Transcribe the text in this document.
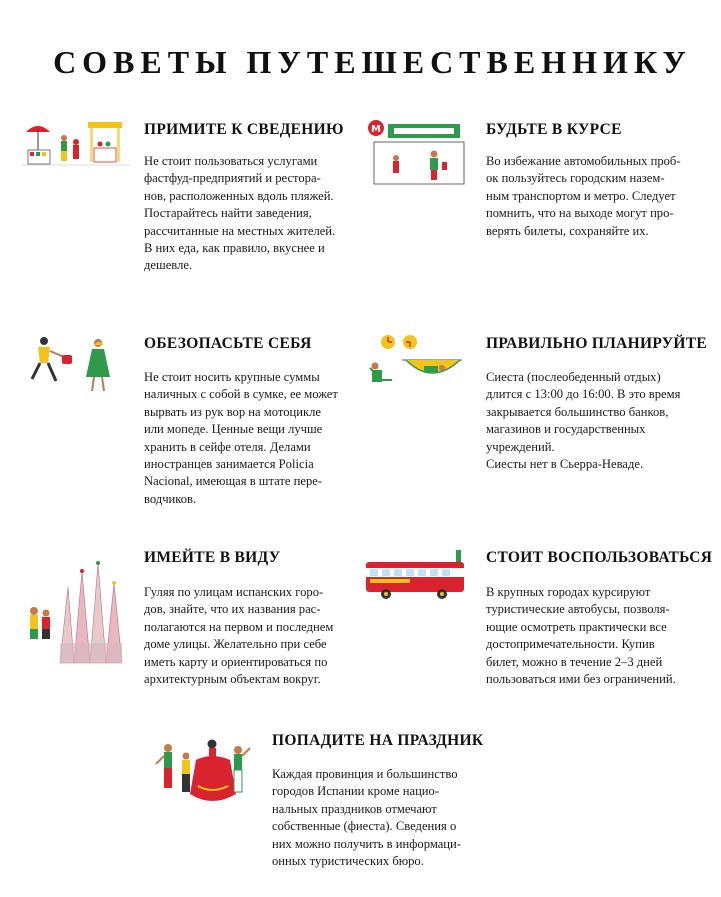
СОВЕТЫ ПУТЕШЕСТВЕННИКУ
ПРИМИТЕ К СВЕДЕНИЮ
Не стоит пользоваться услугами
фастфуд-предприятий и рестора-
нов, расположенных вдоль пляжей.
Постарайтесь найти заведения,
рассчитанные на местных жителей.
В них еда, как правило, вкуснее и
дешевле.
M	БУДЬТЕ В КУРСЕ
Во избежание автомобильных проб-
ок пользуйтесь городским назем-
ным транспортом и метро. Следует
помнить, что на выходе могут про-
верять билеты, сохраняйте их.
ОБЕЗОПАСЬТЕ СЕБЯ
Не стоит носить крупные суммы
наличных с собой в сумке, ее может
вырвать из рук вор на мотоцикле
или мопеде. Ценные вещи лучше
хранить в сейфе отеля. Делами
иностранцев занимается Policia
Nacional, имеющая в штате пере-
водчиков.
ПРАВИЛЬНО ПЛАНИРУЙТЕ
Сиеста (послеобеденный отдых)
длится с 13:00 до 16:00. В это время
закрывается большинство банков,
магазинов и государственных
учреждений.
Сиесты нет в Сьерра-Неваде.
ИМЕЙТЕ В ВИДУ
Гуляя по улицам испанских горо-
дов, знайте, что их названия рас-
полагаются на первом и последнем
доме улицы. Желательно при себе
иметь карту и ориентироваться по
архитектурным объектам вокруг.
СТОИТ ВОСПОЛЬЗОВАТЬСЯ
В крупных городах курсируют
туристические автобусы, позволя-
ющие осмотреть практически все
достопримечательности. Купив
билет, можно в течение 2–3 дней
пользоваться ими без ограничений.
ПОПАДИТЕ НА ПРАЗДНИК
Каждая провинция и большинство
городов Испании кроме нацио-
нальных праздников отмечают
собственные (фиеста). Сведения о
них можно получить в информаци-
онных туристических бюро.
